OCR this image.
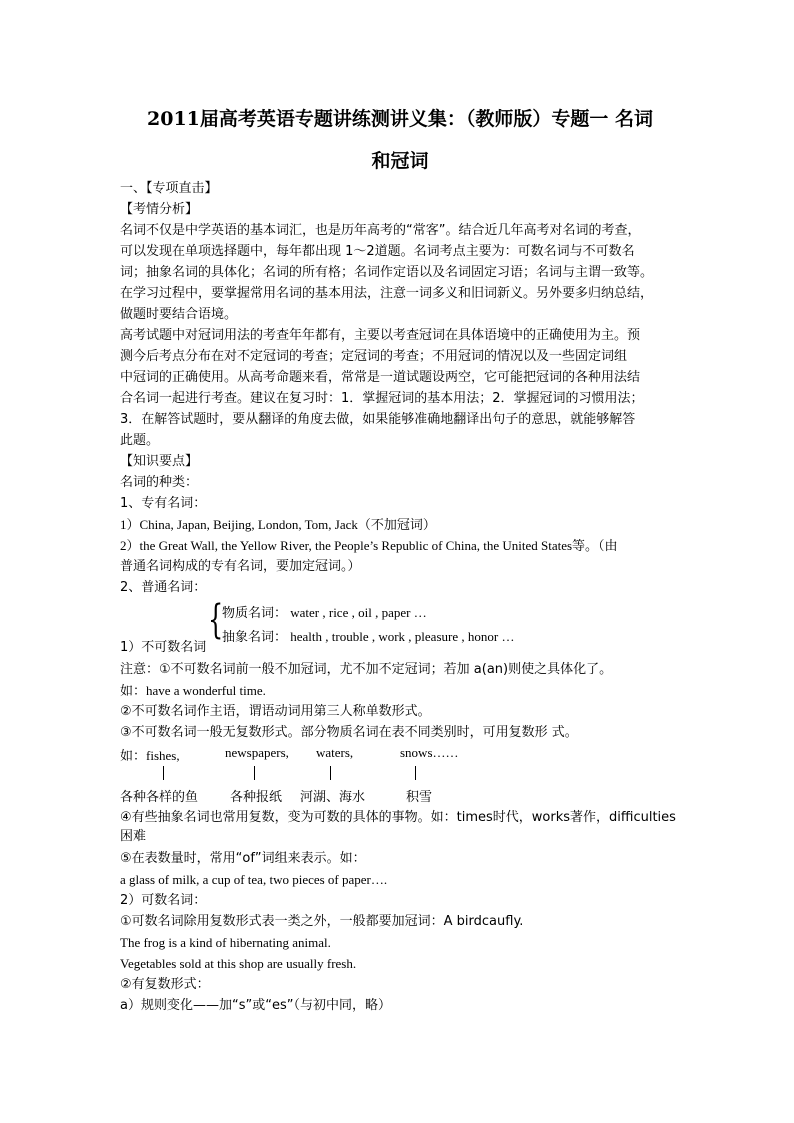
2011届高考英语专题讲练测讲义集：（教师版）专题一 名词
和冠词
一、【专项直击】
【考情分析】
名词不仅是中学英语的基本词汇，也是历年高考的“常客”。结合近几年高考对名词的考查，
可以发现在单项选择题中，每年都出现 1～2道题。名词考点主要为：可数名词与不可数名
词；抽象名词的具体化；名词的所有格；名词作定语以及名词固定习语；名词与主谓一致等。
在学习过程中，要掌握常用名词的基本用法，注意一词多义和旧词新义。另外要多归纳总结，
做题时要结合语境。
高考试题中对冠词用法的考查年年都有，主要以考查冠词在具体语境中的正确使用为主。预
测今后考点分布在对不定冠词的考查；定冠词的考查；不用冠词的情况以及一些固定词组
中冠词的正确使用。从高考命题来看，常常是一道试题设两空，它可能把冠词的各种用法结
合名词一起进行考查。建议在复习时：1．掌握冠词的基本用法；2．掌握冠词的习惯用法；
3．在解答试题时，要从翻译的角度去做，如果能够准确地翻译出句子的意思，就能够解答
此题。
【知识要点】
名词的种类：
1、专有名词：
1）China, Japan, Beijing, London, Tom, Jack（不加冠词）
2）the Great Wall, the Yellow River, the People’s Republic of China, the United States等。（由
普通名词构成的专有名词，要加定冠词。）
2、普通名词：
{
物质名词： water , rice , oil , paper …
抽象名词： health , trouble , work , pleasure , honor …
1）不可数名词
注意：①不可数名词前一般不加冠词，尤不加不定冠词；若加 a(an)则使之具体化了。
如：have a wonderful time.
②不可数名词作主语，谓语动词用第三人称单数形式。
③不可数名词一般无复数形式。部分物质名词在表不同类别时，可用复数形 式。
如：fishes,	newspapers, waters,	snows……
各种各样的鱼 各种报纸 河湖、海水	积雪
④有些抽象名词也常用复数，变为可数的具体的事物。如：times时代，works著作，difficulties
困难
⑤在表数量时，常用“of”词组来表示。如：
a glass of milk, a cup of tea, two pieces of paper….
2）可数名词：
①可数名词除用复数形式表一类之外，一般都要加冠词：A birdcaufly.
The frog is a kind of hibernating animal.
Vegetables sold at this shop are usually fresh.
②有复数形式：
a）规则变化——加“s”或“es”（与初中同，略）
